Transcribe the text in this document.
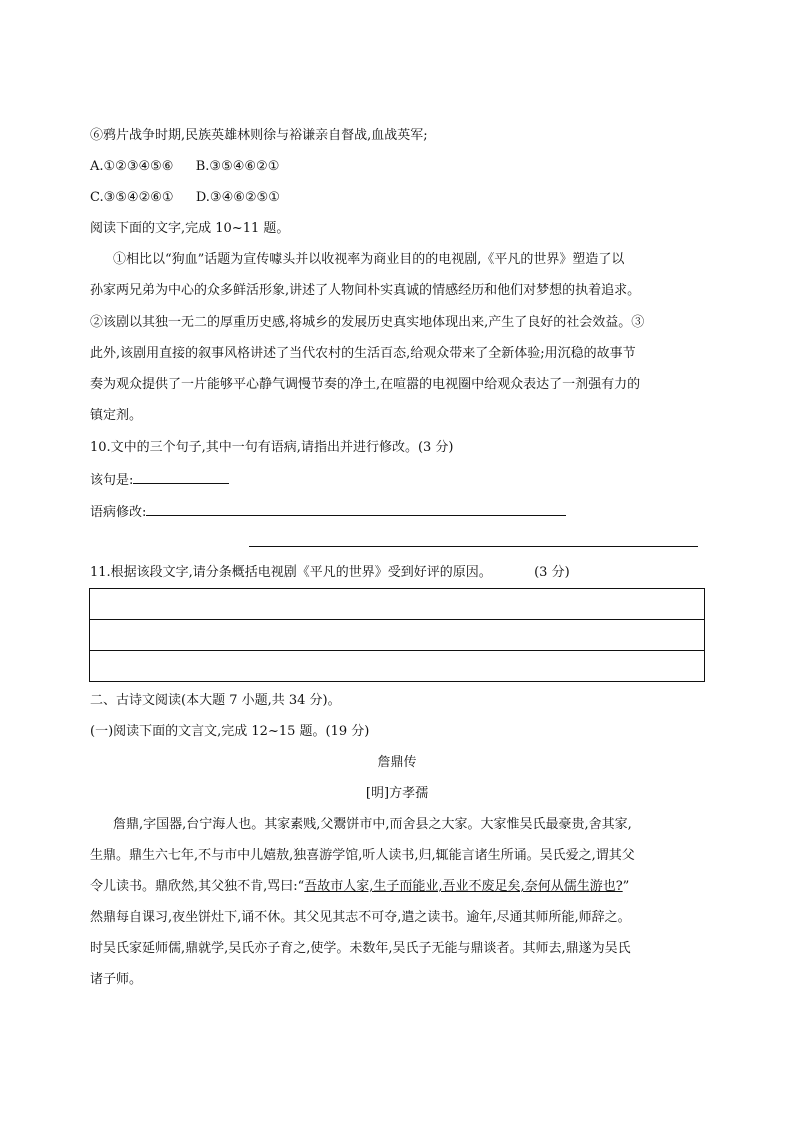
⑥鸦片战争时期,民族英雄林则徐与裕谦亲自督战,血战英军;
A.①②③④⑤⑥ B.③⑤④⑥②①
C.③⑤④②⑥① D.③④⑥②⑤①
阅读下面的文字,完成 10~11 题。
①相比以“狗血”话题为宣传噱头并以收视率为商业目的的电视剧,《平凡的世界》塑造了以
孙家两兄弟为中心的众多鲜活形象,讲述了人物间朴实真诚的情感经历和他们对梦想的执着追求。
②该剧以其独一无二的厚重历史感,将城乡的发展历史真实地体现出来,产生了良好的社会效益。③
此外,该剧用直接的叙事风格讲述了当代农村的生活百态,给观众带来了全新体验;用沉稳的故事节
奏为观众提供了一片能够平心静气调慢节奏的净土,在喧嚣的电视圈中给观众表达了一剂强有力的
镇定剂。
10.文中的三个句子,其中一句有语病,请指出并进行修改。(3 分)
该句是:
语病修改:
11.根据该段文字,请分条概括电视剧《平凡的世界》受到好评的原因。	(3 分)
二、古诗文阅读(本大题 7 小题,共 34 分)。
(一)阅读下面的文言文,完成 12~15 题。(19 分)
詹鼎传
[明]方孝孺
詹鼎,字国器,台宁海人也。其家素贱,父鬻饼市中,而舍县之大家。大家惟吴氏最豪贵,舍其家,
生鼎。鼎生六七年,不与市中儿嬉敖,独喜游学馆,听人读书,归,辄能言诸生所诵。吴氏爱之,谓其父
令儿读书。鼎欣然,其父独不肯,骂曰:“吾故市人家,生子而能业,吾业不废足矣,奈何从儒生游也?”
然鼎每自课习,夜坐饼灶下,诵不休。其父见其志不可夺,遣之读书。逾年,尽通其师所能,师辞之。
时吴氏家延师儒,鼎就学,吴氏亦子育之,使学。未数年,吴氏子无能与鼎谈者。其师去,鼎遂为吴氏
诸子师。
